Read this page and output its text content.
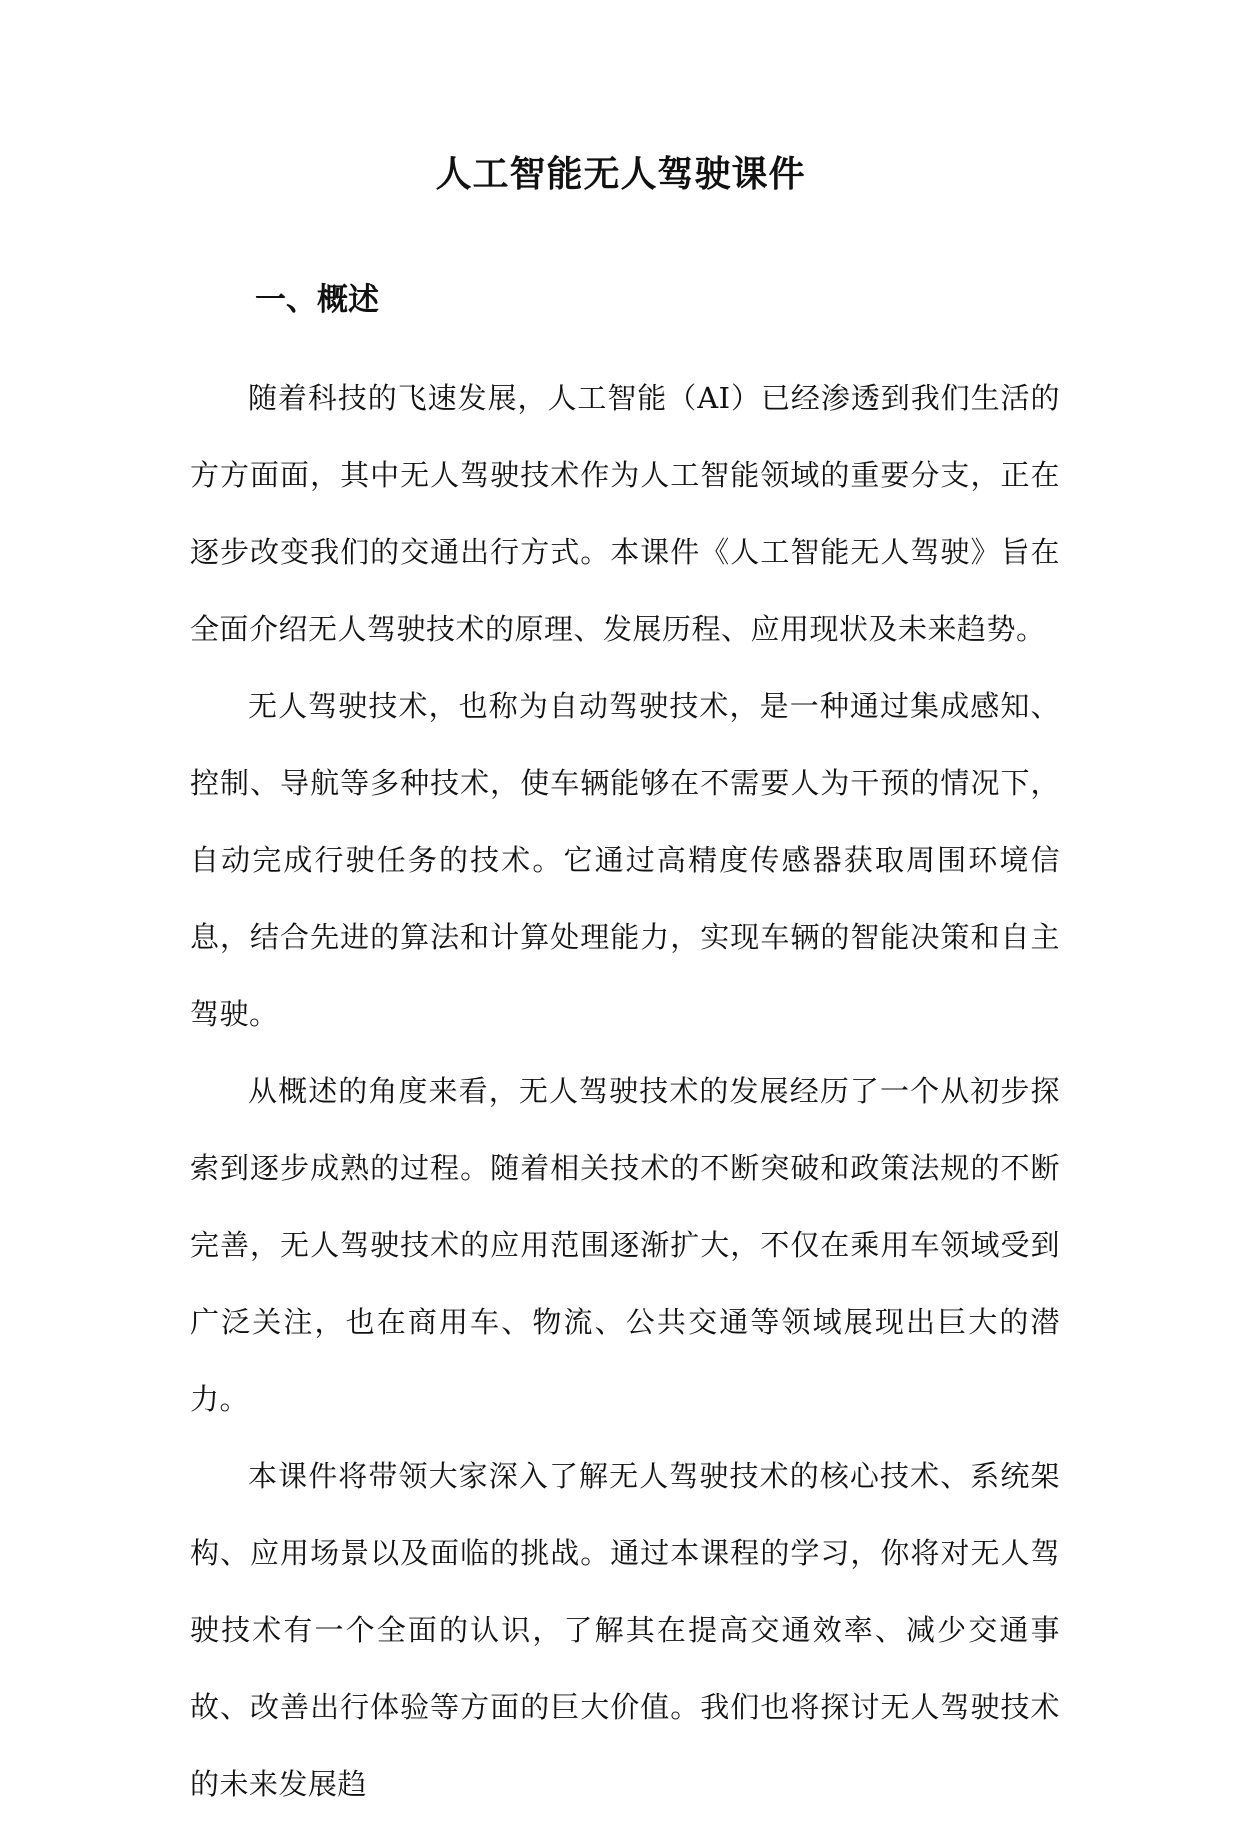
人工智能无人驾驶课件
一、概述

随着科技的飞速发展，人工智能（AI）已经渗透到我们生活的方方面面，其中无人驾驶技术作为人工智能领域的重要分支，正在逐步改变我们的交通出行方式。本课件《人工智能无人驾驶》旨在全面介绍无人驾驶技术的原理、发展历程、应用现状及未来趋势。

无人驾驶技术，也称为自动驾驶技术，是一种通过集成感知、控制、导航等多种技术，使车辆能够在不需要人为干预的情况下，自动完成行驶任务的技术。它通过高精度传感器获取周围环境信息，结合先进的算法和计算处理能力，实现车辆的智能决策和自主驾驶。

从概述的角度来看，无人驾驶技术的发展经历了一个从初步探索到逐步成熟的过程。随着相关技术的不断突破和政策法规的不断完善，无人驾驶技术的应用范围逐渐扩大，不仅在乘用车领域受到广泛关注，也在商用车、物流、公共交通等领域展现出巨大的潜力。

本课件将带领大家深入了解无人驾驶技术的核心技术、系统架构、应用场景以及面临的挑战。通过本课程的学习，你将对无人驾驶技术有一个全面的认识，了解其在提高交通效率、减少交通事故、改善出行体验等方面的巨大价值。我们也将探讨无人驾驶技术的未来发展趋
